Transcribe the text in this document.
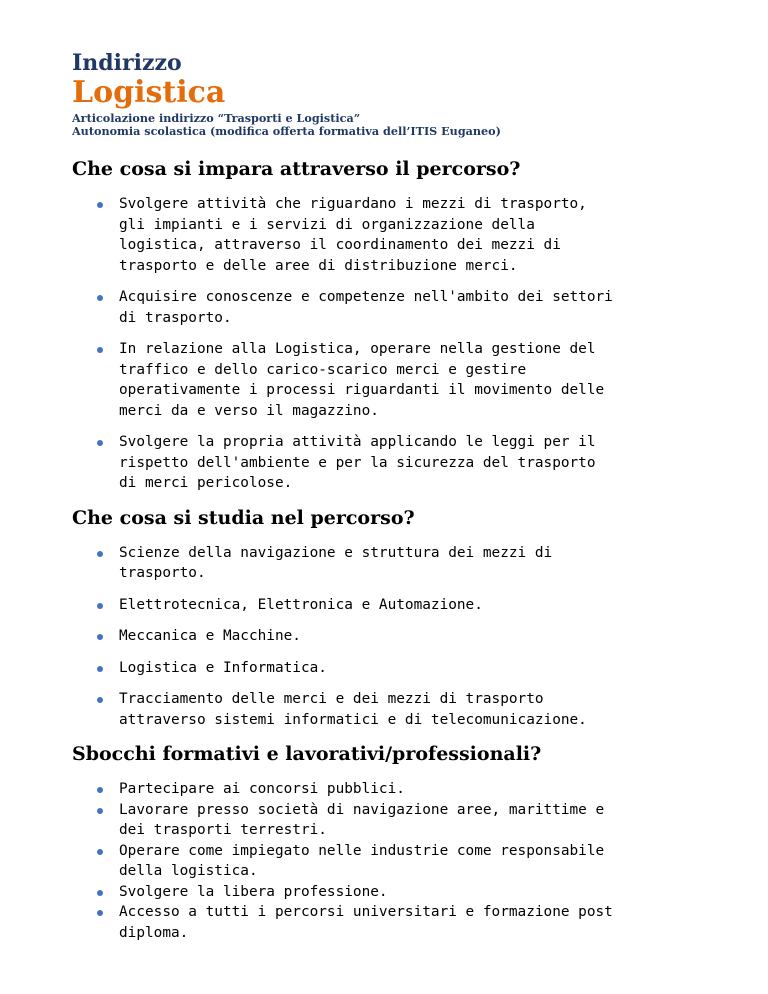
Indirizzo
Logistica
Articolazione indirizzo “Trasporti e Logistica”
Autonomia scolastica (modifica offerta formativa dell’ITIS Euganeo)
Che cosa si impara attraverso il percorso?
Svolgere attività che riguardano i mezzi di trasporto,
gli impianti e i servizi di organizzazione della
logistica, attraverso il coordinamento dei mezzi di
trasporto e delle aree di distribuzione merci.
Acquisire conoscenze e competenze nell'ambito dei settori
di trasporto.
In relazione alla Logistica, operare nella gestione del
traffico e dello carico-scarico merci e gestire
operativamente i processi riguardanti il movimento delle
merci da e verso il magazzino.
Svolgere la propria attività applicando le leggi per il
rispetto dell'ambiente e per la sicurezza del trasporto
di merci pericolose.
Che cosa si studia nel percorso?
Scienze della navigazione e struttura dei mezzi di
trasporto.
Elettrotecnica, Elettronica e Automazione.
Meccanica e Macchine.
Logistica e Informatica.
Tracciamento delle merci e dei mezzi di trasporto
attraverso sistemi informatici e di telecomunicazione.
Sbocchi formativi e lavorativi/professionali?
Partecipare ai concorsi pubblici.
Lavorare presso società di navigazione aree, marittime e
dei trasporti terrestri.
Operare come impiegato nelle industrie come responsabile
della logistica.
Svolgere la libera professione.
Accesso a tutti i percorsi universitari e formazione post
diploma.
